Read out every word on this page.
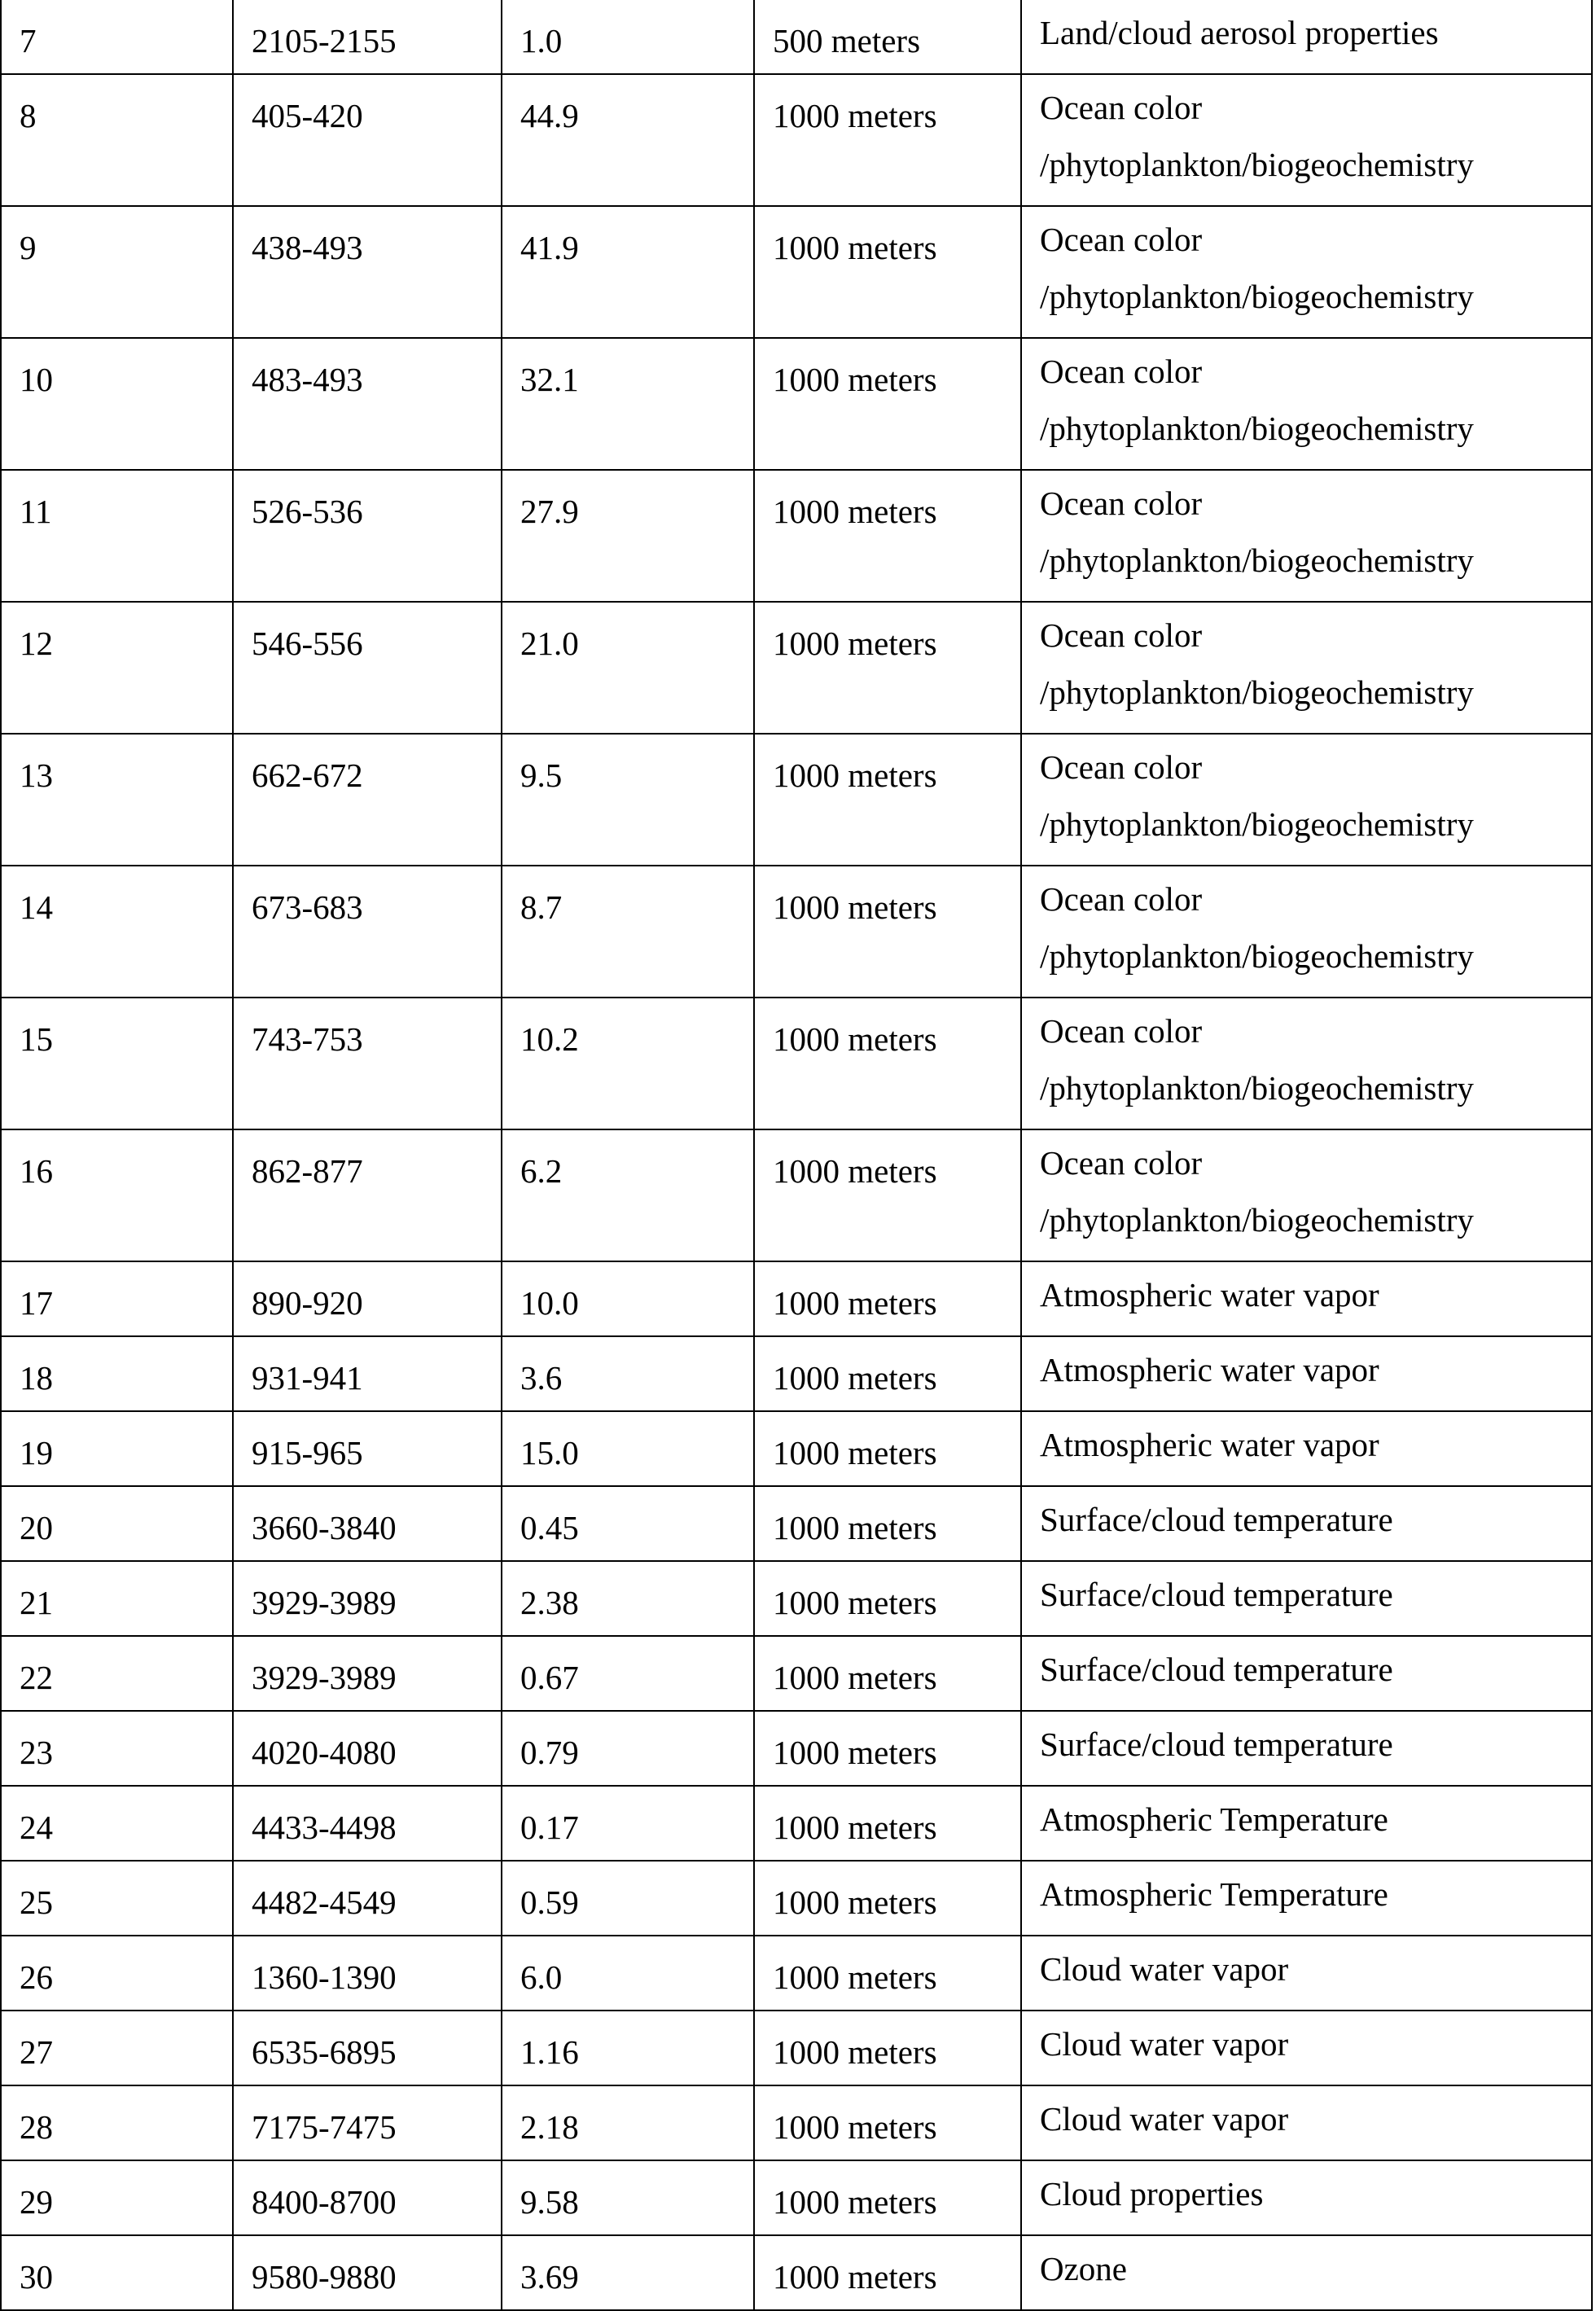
7	2105-2155	1.0	500 meters	Land/cloud aerosol properties

8	405-420	44.9	1000 meters	Ocean color
/phytoplankton/biogeochemistry

9	438-493	41.9	1000 meters	Ocean color
/phytoplankton/biogeochemistry

10	483-493	32.1	1000 meters	Ocean color
/phytoplankton/biogeochemistry

11	526-536	27.9	1000 meters	Ocean color
/phytoplankton/biogeochemistry

12	546-556	21.0	1000 meters	Ocean color
/phytoplankton/biogeochemistry

13	662-672	9.5	1000 meters	Ocean color
/phytoplankton/biogeochemistry

14	673-683	8.7	1000 meters	Ocean color
/phytoplankton/biogeochemistry

15	743-753	10.2	1000 meters	Ocean color
/phytoplankton/biogeochemistry

16	862-877	6.2	1000 meters	Ocean color
/phytoplankton/biogeochemistry

17	890-920	10.0	1000 meters	Atmospheric water vapor

18	931-941	3.6	1000 meters	Atmospheric water vapor

19	915-965	15.0	1000 meters	Atmospheric water vapor

20	3660-3840	0.45	1000 meters	Surface/cloud temperature

21	3929-3989	2.38	1000 meters	Surface/cloud temperature

22	3929-3989	0.67	1000 meters	Surface/cloud temperature

23	4020-4080	0.79	1000 meters	Surface/cloud temperature

24	4433-4498	0.17	1000 meters	Atmospheric Temperature

25	4482-4549	0.59	1000 meters	Atmospheric Temperature

26	1360-1390	6.0	1000 meters	Cloud water vapor

27	6535-6895	1.16	1000 meters	Cloud water vapor

28	7175-7475	2.18	1000 meters	Cloud water vapor

29	8400-8700	9.58	1000 meters	Cloud properties

30	9580-9880	3.69	1000 meters	Ozone
